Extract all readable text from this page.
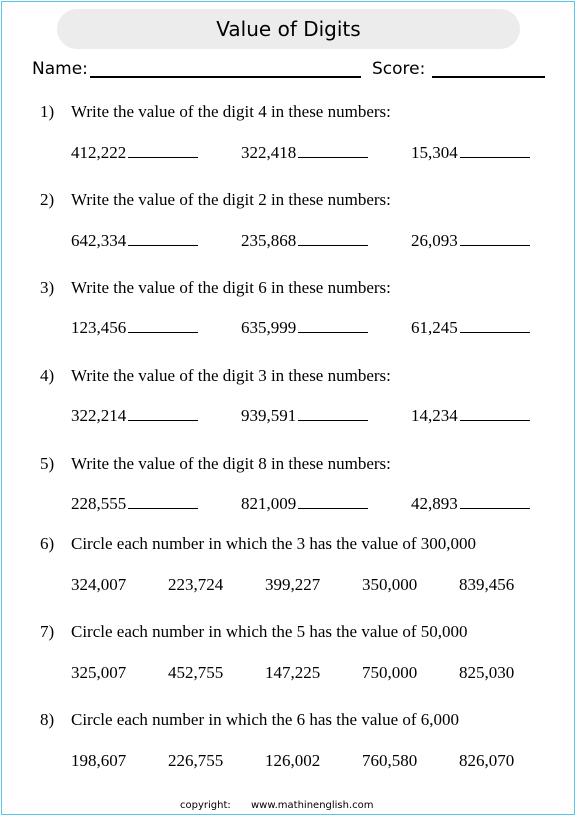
Value of Digits
Name:	Score:
1) Write the value of the digit 4 in these numbers:
412,222	322,418	15,304
2) Write the value of the digit 2 in these numbers:
642,334	235,868	26,093
3) Write the value of the digit 6 in these numbers:
123,456	635,999	61,245
4) Write the value of the digit 3 in these numbers:
322,214	939,591	14,234
5) Write the value of the digit 8 in these numbers:
228,555	821,009	42,893
6) Circle each number in which the 3 has the value of 300,000
324,007 223,724 399,227 350,000 839,456
7) Circle each number in which the 5 has the value of 50,000
325,007 452,755 147,225 750,000 825,030
8) Circle each number in which the 6 has the value of 6,000
198,607 226,755 126,002 760,580 826,070
copyright: www.mathinenglish.com
